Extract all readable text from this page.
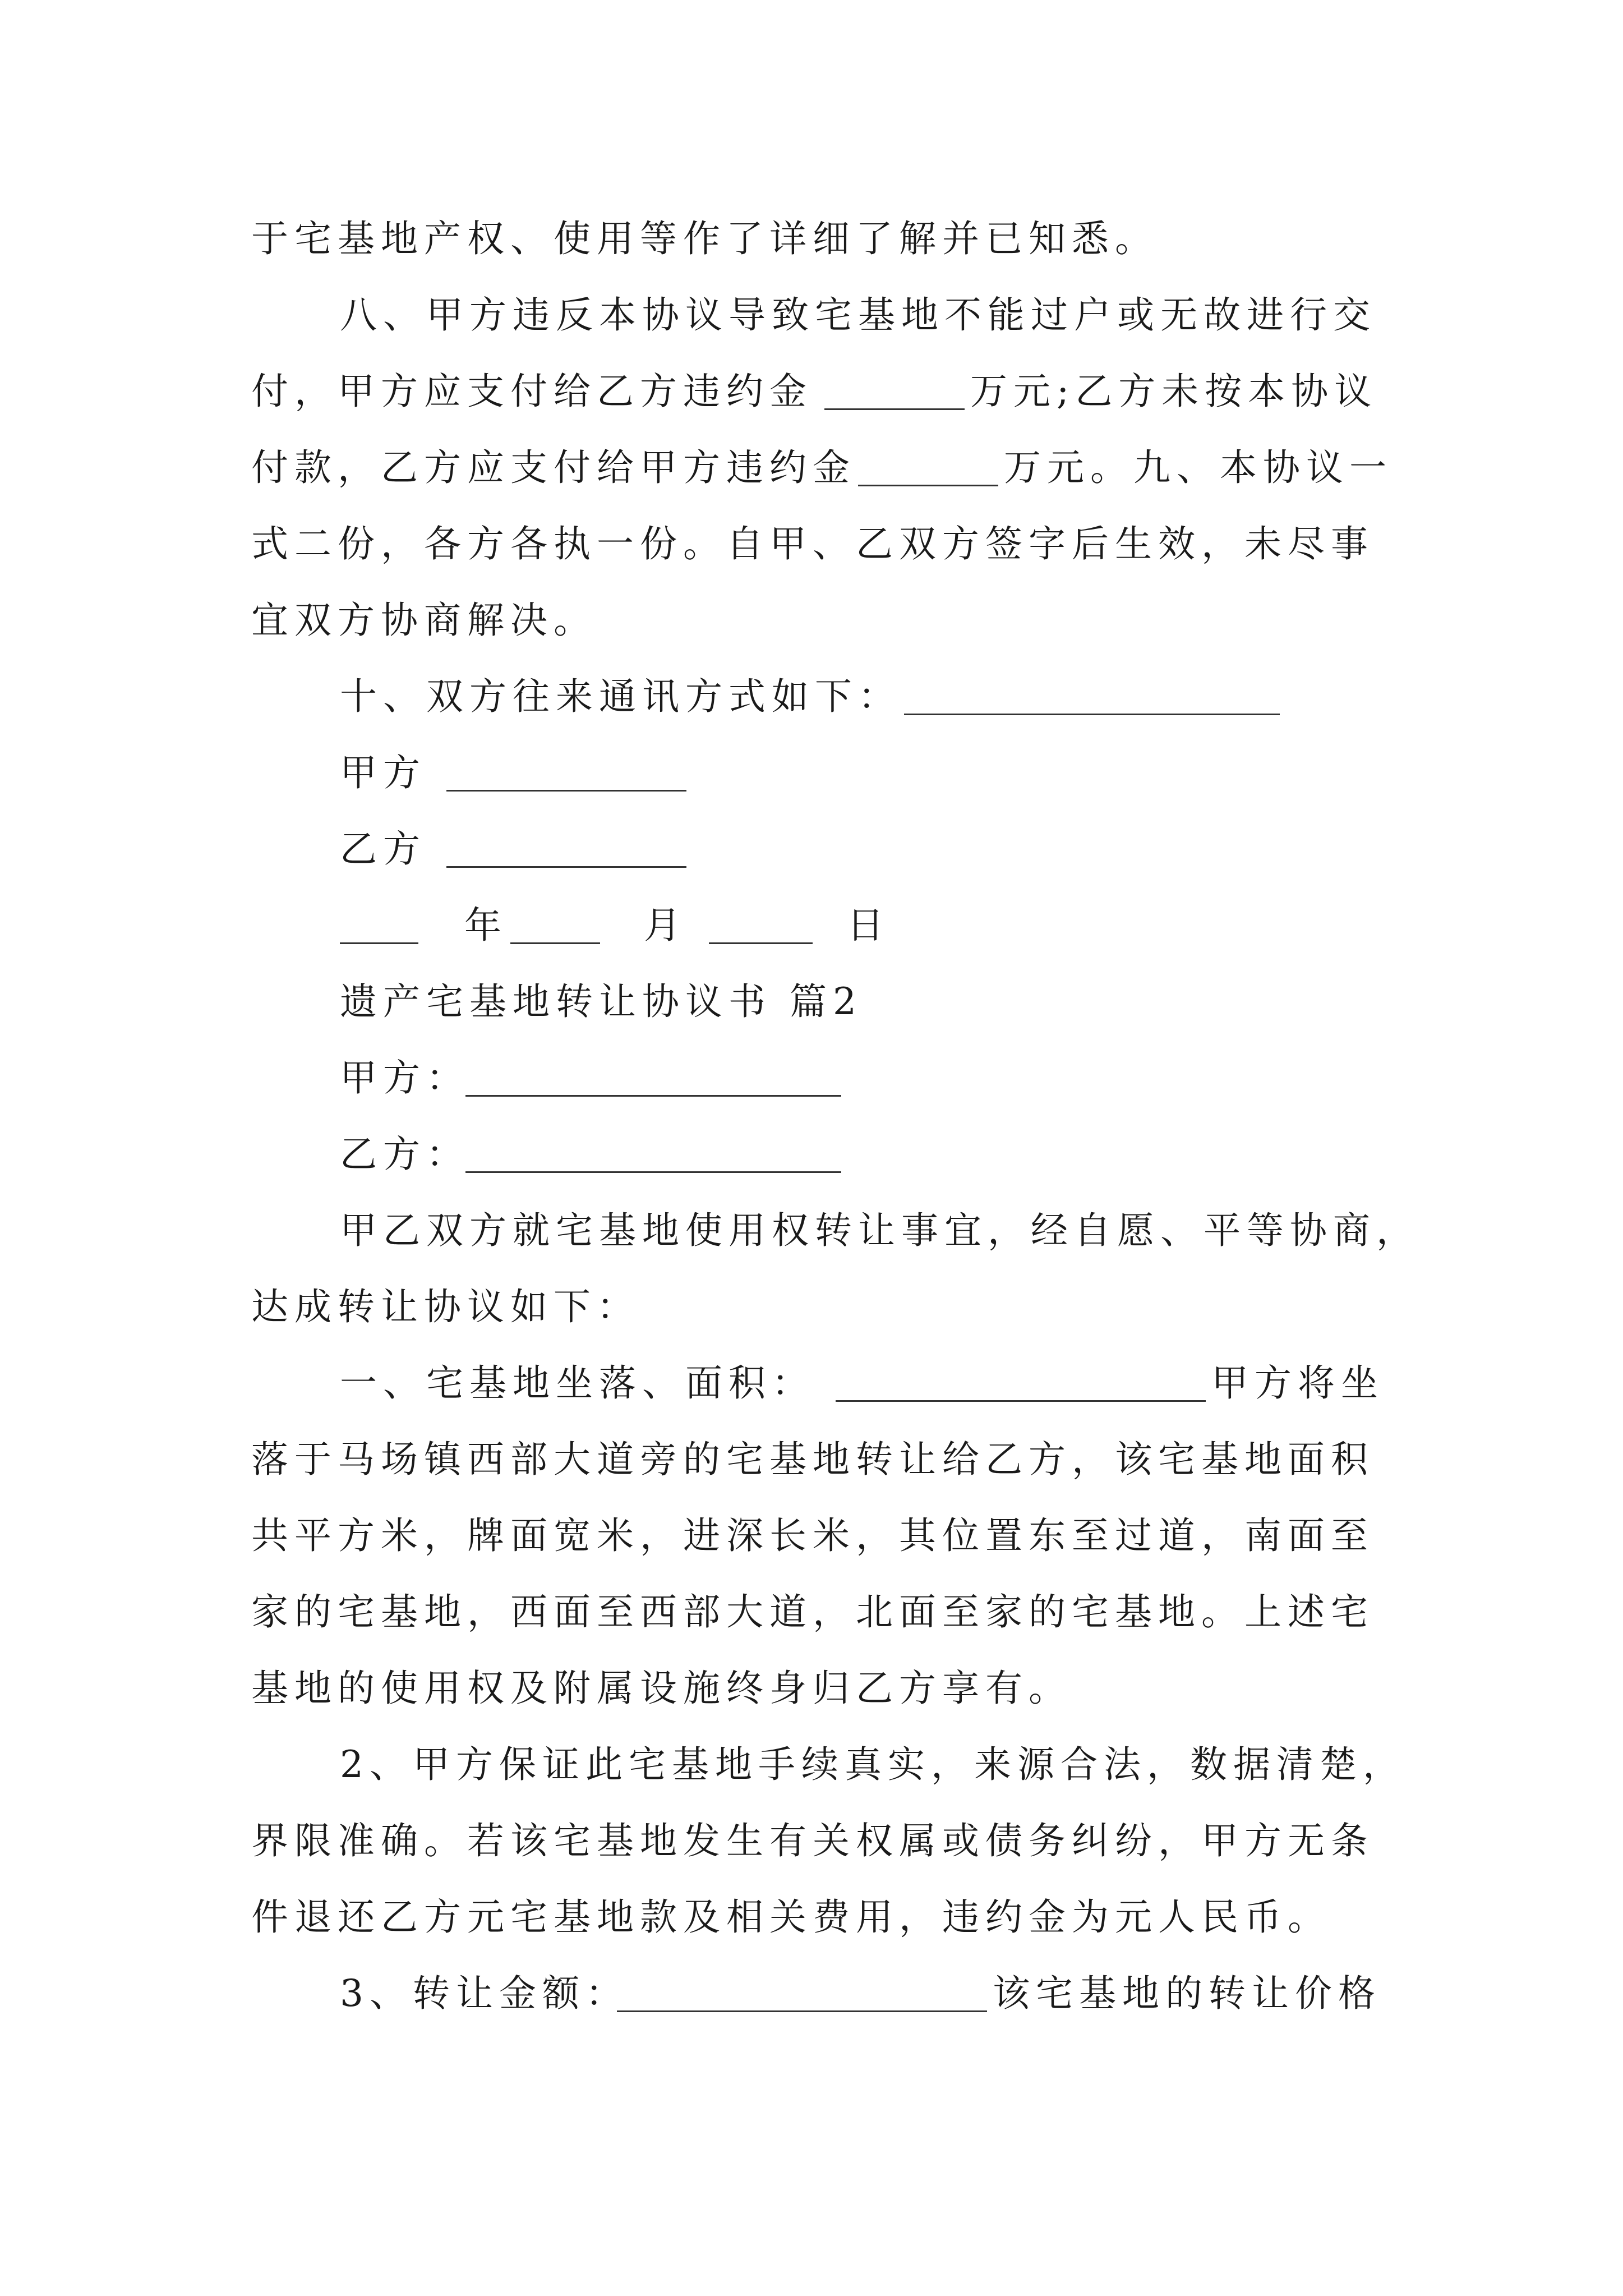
于宅基地产权、使用等作了详细了解并已知悉。
八、甲方违反本协议导致宅基地不能过户或无故进行交
付，甲方应支付给乙方违约金	万元;乙方未按本协议
付款，乙方应支付给甲方违约金	万元。九、本协议一
式二份，各方各执一份。自甲、乙双方签字后生效，未尽事
宜双方协商解决。
十、双方往来通讯方式如下：
甲方
乙方
年	月	日
遗产宅基地转让协议书 篇2
甲方：
乙方：
甲乙双方就宅基地使用权转让事宜，经自愿、平等协商，
达成转让协议如下：
一、宅基地坐落、面积：	甲方将坐
落于马场镇西部大道旁的宅基地转让给乙方，该宅基地面积
共平方米，牌面宽米，进深长米，其位置东至过道，南面至
家的宅基地，西面至西部大道，北面至家的宅基地。上述宅
基地的使用权及附属设施终身归乙方享有。
2、甲方保证此宅基地手续真实，来源合法，数据清楚，
界限准确。若该宅基地发生有关权属或债务纠纷，甲方无条
件退还乙方元宅基地款及相关费用，违约金为元人民币。
3、转让金额：	该宅基地的转让价格
